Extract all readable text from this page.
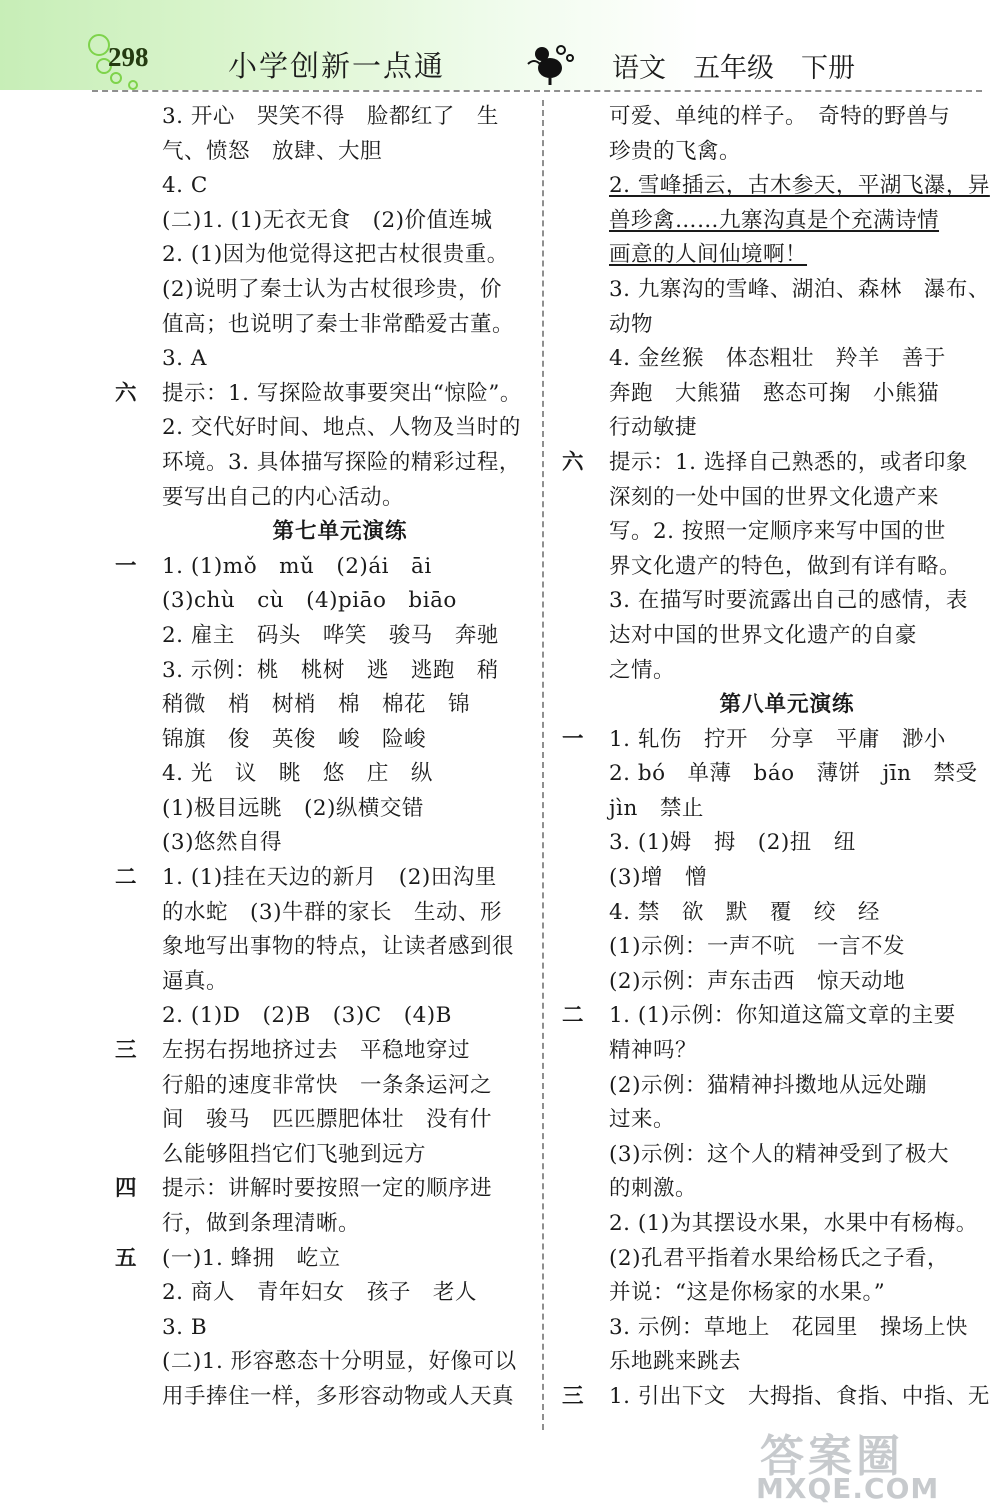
298	小学创新一点通	语文　五年级　下册
3. 开心　哭笑不得　脸都红了　生
气、愤怒　放肆、大胆
4. C
(二)1. (1)无衣无食　(2)价值连城
2. (1)因为他觉得这把古杖很贵重。
(2)说明了秦士认为古杖很珍贵，价
值高；也说明了秦士非常酷爱古董。
3. A
六 提示：1. 写探险故事要突出“惊险”。
2. 交代好时间、地点、人物及当时的
环境。3. 具体描写探险的精彩过程，
要写出自己的内心活动。
第七单元演练
一 1. (1)mǒ　mǔ　(2)ái　āi
(3)chù　cù　(4)piāo　biāo
2. 雇主　码头　哗笑　骏马　奔驰
3. 示例：桃　桃树　逃　逃跑　稍
稍微　梢　树梢　棉　棉花　锦
锦旗　俊　英俊　峻　险峻
4. 光　议　眺　悠　庄　纵
(1)极目远眺　(2)纵横交错
(3)悠然自得
二 1. (1)挂在天边的新月　(2)田沟里
的水蛇　(3)牛群的家长　生动、形
象地写出事物的特点，让读者感到很
逼真。
2. (1)D　(2)B　(3)C　(4)B
三 左拐右拐地挤过去　平稳地穿过
行船的速度非常快　一条条运河之
间　骏马　匹匹膘肥体壮　没有什
么能够阻挡它们飞驰到远方
四 提示：讲解时要按照一定的顺序进
行，做到条理清晰。
五 (一)1. 蜂拥　屹立
2. 商人　青年妇女　孩子　老人
3. B
(二)1. 形容憨态十分明显，好像可以
用手捧住一样，多形容动物或人天真
可爱、单纯的样子。　奇特的野兽与
珍贵的飞禽。
2. 雪峰插云，古木参天，平湖飞瀑，异
兽珍禽……九寨沟真是个充满诗情
画意的人间仙境啊！
3. 九寨沟的雪峰、湖泊、森林　瀑布、
动物
4. 金丝猴　体态粗壮　羚羊　善于
奔跑　大熊猫　憨态可掬　小熊猫
行动敏捷
六 提示：1. 选择自己熟悉的，或者印象
深刻的一处中国的世界文化遗产来
写。2. 按照一定顺序来写中国的世
界文化遗产的特色，做到有详有略。
3. 在描写时要流露出自己的感情，表
达对中国的世界文化遗产的自豪
之情。
第八单元演练
一 1. 轧伤　拧开　分享　平庸　渺小
2. bó　单薄　báo　薄饼　jīn　禁受
jìn　禁止
3. (1)姆　拇　(2)扭　纽
(3)增　憎
4. 禁　欲　默　覆　绞　经
(1)示例：一声不吭　一言不发
(2)示例：声东击西　惊天动地
二 1. (1)示例：你知道这篇文章的主要
精神吗？
(2)示例：猫精神抖擞地从远处蹦
过来。
(3)示例：这个人的精神受到了极大
的刺激。
2. (1)为其摆设水果，水果中有杨梅。
(2)孔君平指着水果给杨氏之子看，
并说：“这是你杨家的水果。”
3. 示例：草地上　花园里　操场上快
乐地跳来跳去
三 1. 引出下文　大拇指、食指、中指、无
答案圈
MXQE.COM
